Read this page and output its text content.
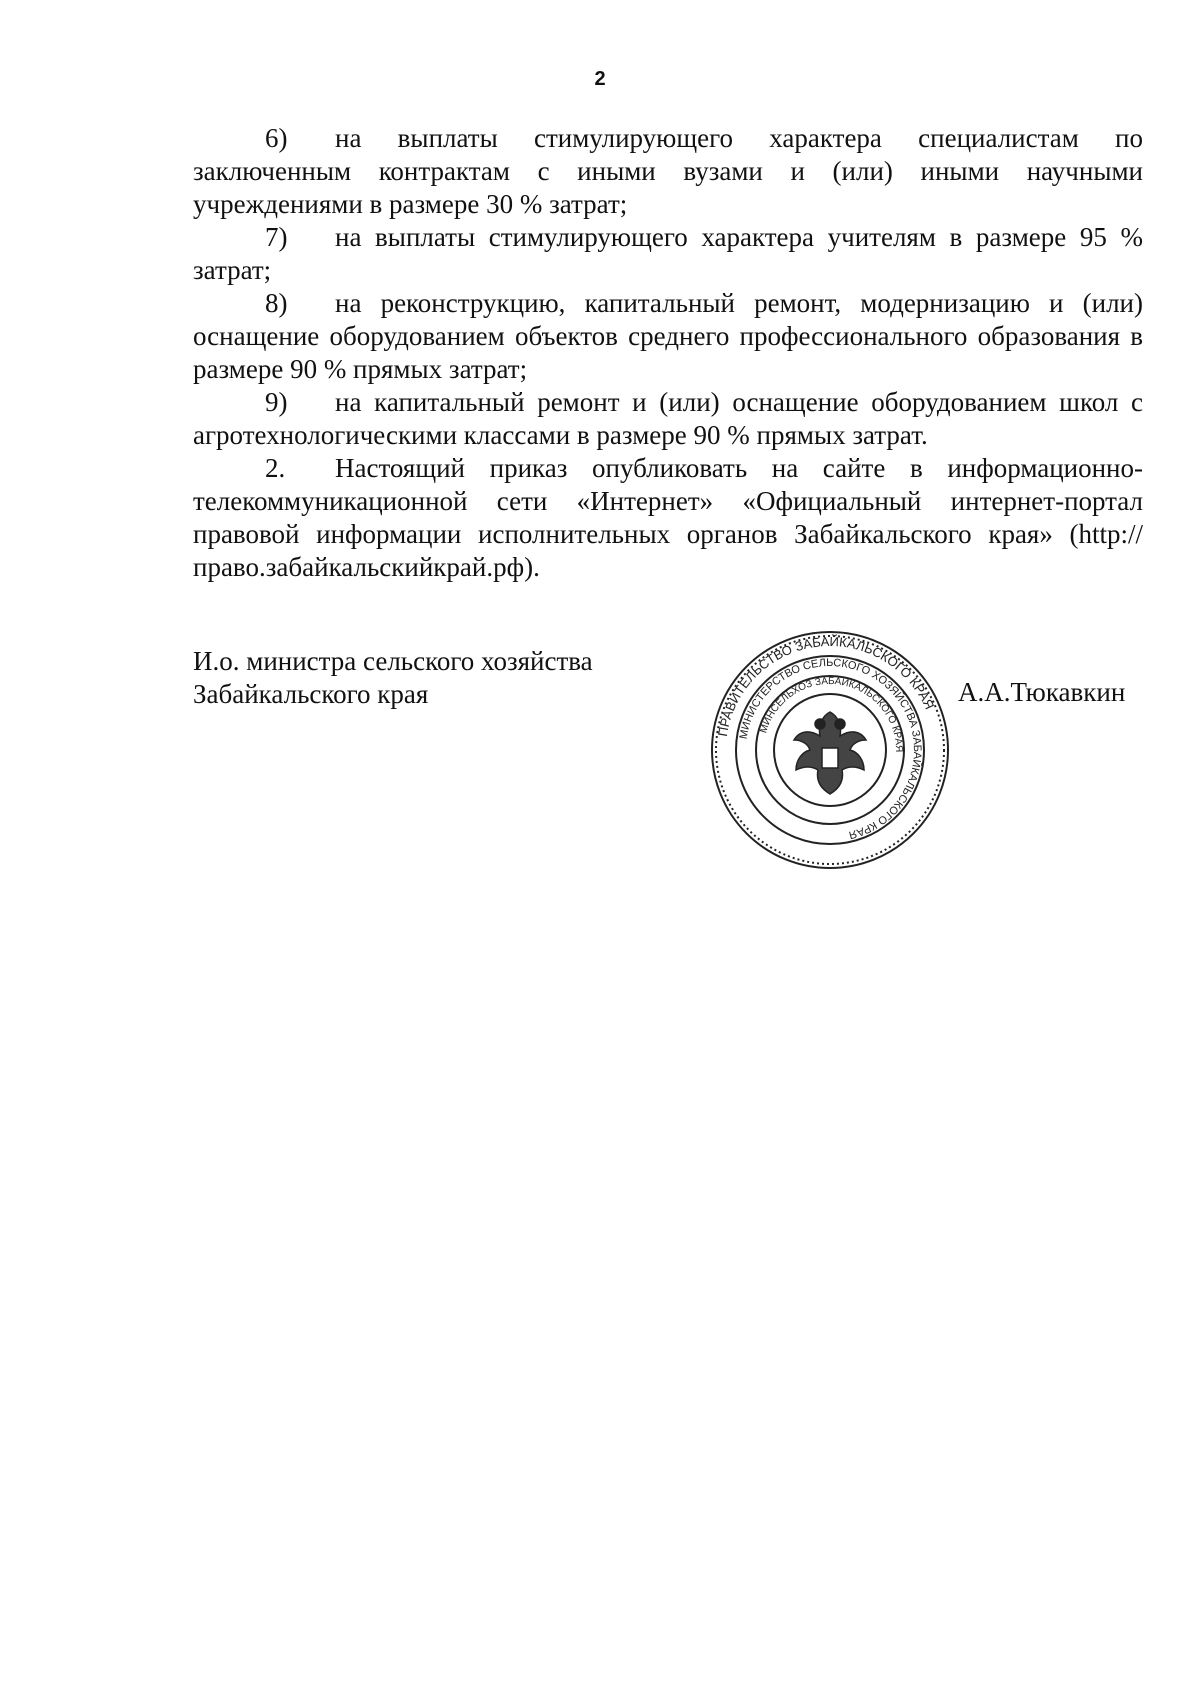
2

6) на выплаты стимулирующего характера специалистам по заключенным контрактам с иными вузами и (или) иными научными учреждениями в размере 30 % затрат;

7) на выплаты стимулирующего характера учителям в размере 95 % затрат;

8) на реконструкцию, капитальный ремонт, модернизацию и (или) оснащение оборудованием объектов среднего профессионального образования в размере 90 % прямых затрат;

9) на капитальный ремонт и (или) оснащение оборудованием школ с агротехнологическими классами в размере 90 % прямых затрат.

2. Настоящий приказ опубликовать на сайте в информационно-телекоммуникационной сети «Интернет» «Официальный интернет-портал правовой информации исполнительных органов Забайкальского края» (http://право.забайкальскийкрай.рф).

И.о. министра сельского хозяйства
Забайкальского края
ПРАВИТЕЛЬСТВО ЗАБАЙКАЛЬСКОГО КРАЯ
МИНИСТЕРСТВО СЕЛЬСКОГО ХОЗЯЙСТВА ЗАБАЙКАЛЬСКОГО КРАЯ
МИНСЕЛЬХОЗ ЗАБАЙКАЛЬСКОГО КРАЯ
А.А.Тюкавкин
